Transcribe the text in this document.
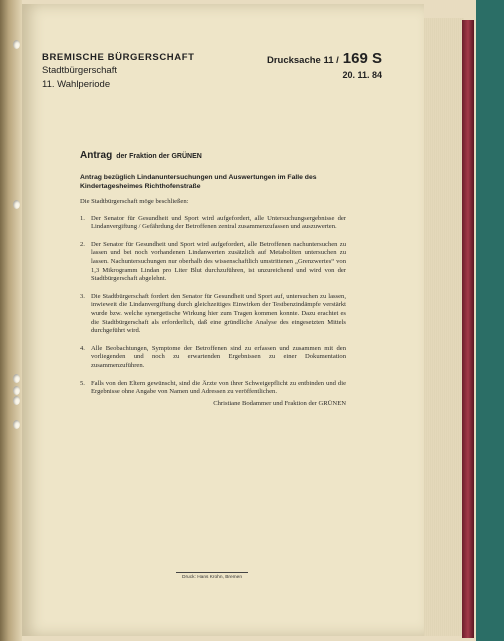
BREMISCHE BÜRGERSCHAFT
Stadtbürgerschaft
11. Wahlperiode
Drucksache 11 / 169 S
20. 11. 84
Antrag der Fraktion der GRÜNEN

Antrag bezüglich Lindanuntersuchungen und Auswertungen im Falle des Kindertagesheimes Richthofenstraße

Die Stadtbürgerschaft möge beschließen:

1. Der Senator für Gesundheit und Sport wird aufgefordert, alle Untersuchungsergebnisse der Lindanvergiftung / Gefährdung der Betroffenen zentral zusammenzufassen und auszuwerten.
2. Der Senator für Gesundheit und Sport wird aufgefordert, alle Betroffenen nachuntersuchen zu lassen und bei noch vorhandenen Lindanwerten zusätzlich auf Metaboliten untersuchen zu lassen. Nachuntersuchungen nur oberhalb des wissenschaftlich umstrittenen „Grenzwertes“ von 1,3 Mikrogramm Lindan pro Liter Blut durchzuführen, ist unzureichend und wird von der Stadtbürgerschaft abgelehnt.
3. Die Stadtbürgerschaft fordert den Senator für Gesundheit und Sport auf, untersuchen zu lassen, inwieweit die Lindanvergiftung durch gleichzeitiges Einwirken der Testbenzindämpfe verstärkt wurde bzw. welche synergetische Wirkung hier zum Tragen kommen konnte. Dazu erachtet es die Stadtbürgerschaft als erforderlich, daß eine gründliche Analyse des eingesetzten Mittels durchgeführt wird.
4. Alle Beobachtungen, Symptome der Betroffenen sind zu erfassen und zusammen mit den vorliegenden und noch zu erwartenden Ergebnissen zu einer Dokumentation zusammenzuführen.
5. Falls von den Eltern gewünscht, sind die Ärzte von ihrer Schweigepflicht zu entbinden und die Ergebnisse ohne Angabe von Namen und Adressen zu veröffentlichen.
Christiane Bodammer und Fraktion der GRÜNEN
Druck: Hans Krohn, Bremen
